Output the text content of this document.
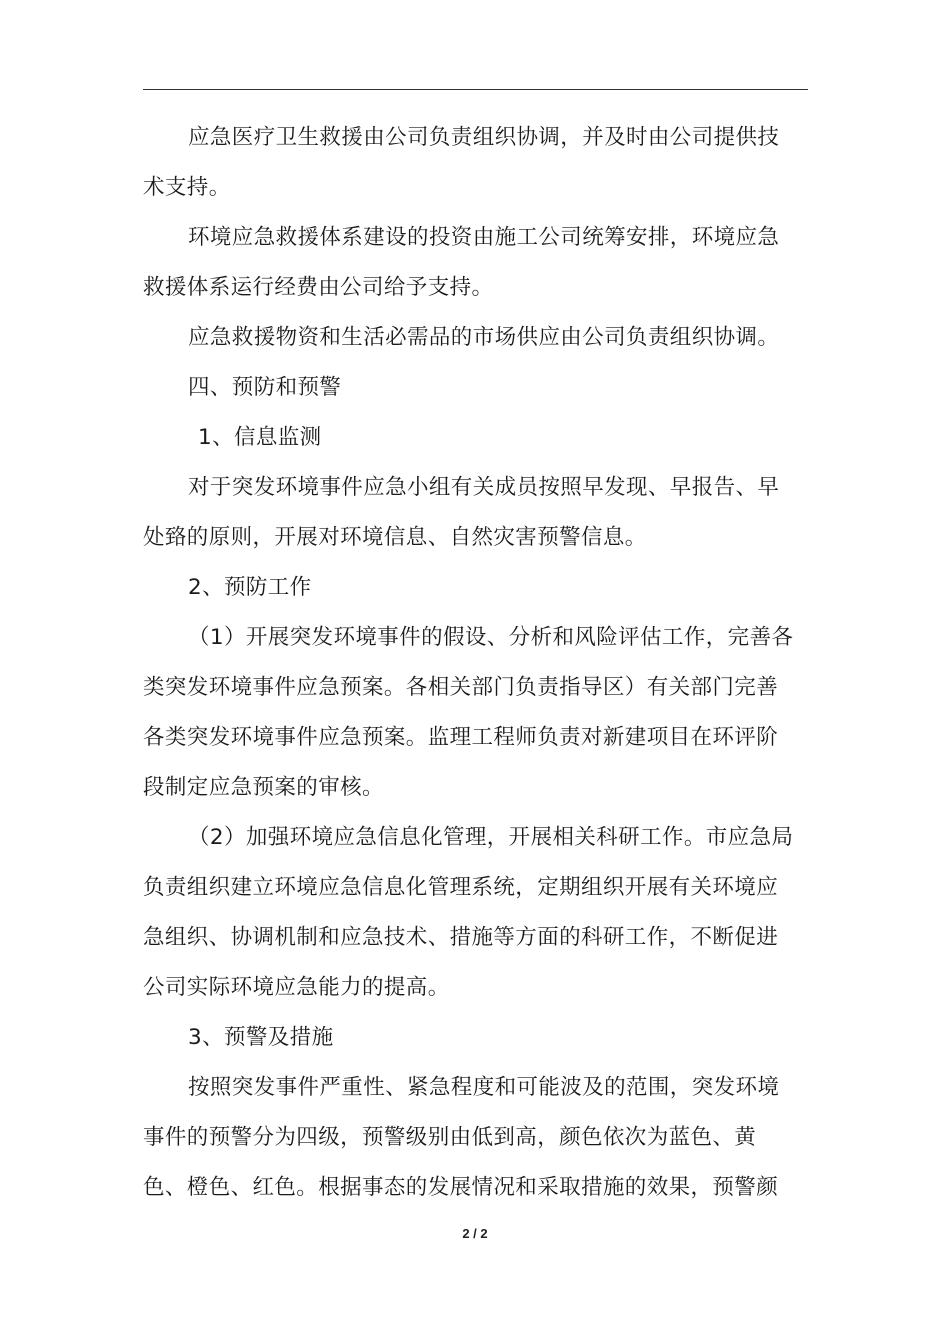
应急医疗卫生救援由公司负责组织协调，并及时由公司提供技
术支持。
环境应急救援体系建设的投资由施工公司统筹安排，环境应急
救援体系运行经费由公司给予支持。
应急救援物资和生活必需品的市场供应由公司负责组织协调。
四、预防和预警
1、信息监测
对于突发环境事件应急小组有关成员按照早发现、早报告、早
处臵的原则，开展对环境信息、自然灾害预警信息。
2、预防工作
（1）开展突发环境事件的假设、分析和风险评估工作，完善各
类突发环境事件应急预案。各相关部门负责指导区）有关部门完善
各类突发环境事件应急预案。监理工程师负责对新建项目在环评阶
段制定应急预案的审核。
（2）加强环境应急信息化管理，开展相关科研工作。市应急局
负责组织建立环境应急信息化管理系统，定期组织开展有关环境应
急组织、协调机制和应急技术、措施等方面的科研工作，不断促进
公司实际环境应急能力的提高。
3、预警及措施
按照突发事件严重性、紧急程度和可能波及的范围，突发环境
事件的预警分为四级，预警级别由低到高，颜色依次为蓝色、黄
色、橙色、红色。根据事态的发展情况和采取措施的效果，预警颜
2 / 2
